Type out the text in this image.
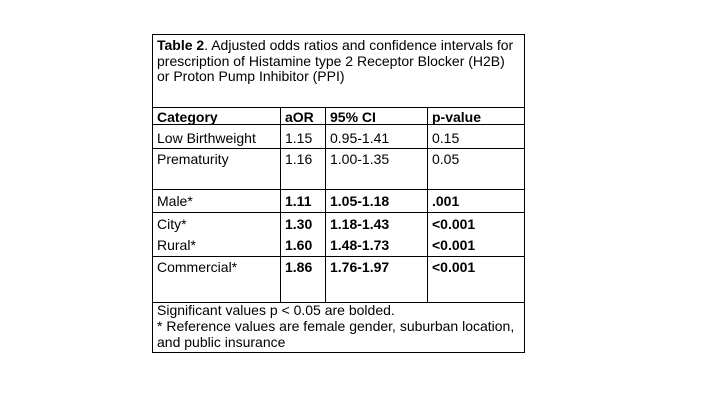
Table 2. Adjusted odds ratios and confidence intervals for prescription of Histamine type 2 Receptor Blocker (H2B) or Proton Pump Inhibitor (PPI)
Category	aOR 95% CI	p-value
Low Birthweight 1.15 0.95-1.41	0.15
Prematurity	1.16 1.00-1.35	0.05
Male*	1.11 1.05-1.18	.001
City*	1.30 1.18-1.43	<0.001
Rural*	1.60 1.48-1.73	<0.001
Commercial*	1.86 1.76-1.97	<0.001
Significant values p < 0.05 are bolded.
* Reference values are female gender, suburban location, and public insurance
